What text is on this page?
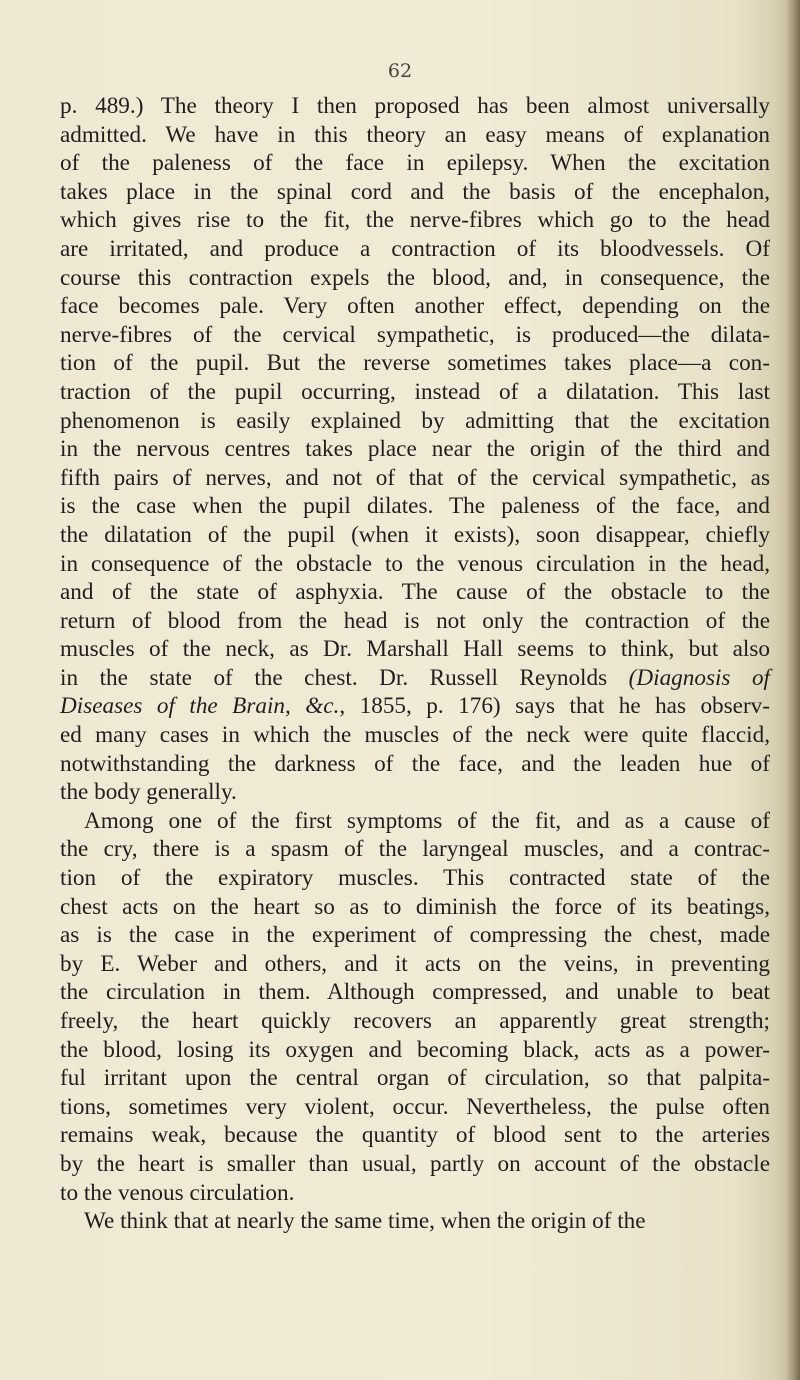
62
p. 489.) The theory I then proposed has been almost universally
admitted. We have in this theory an easy means of explanation
of the paleness of the face in epilepsy. When the excitation
takes place in the spinal cord and the basis of the encephalon,
which gives rise to the fit, the nerve-fibres which go to the head
are irritated, and produce a contraction of its bloodvessels. Of
course this contraction expels the blood, and, in consequence, the
face becomes pale. Very often another effect, depending on the
nerve-fibres of the cervical sympathetic, is produced—the dilata-
tion of the pupil. But the reverse sometimes takes place—a con-
traction of the pupil occurring, instead of a dilatation. This last
phenomenon is easily explained by admitting that the excitation
in the nervous centres takes place near the origin of the third and
fifth pairs of nerves, and not of that of the cervical sympathetic, as
is the case when the pupil dilates. The paleness of the face, and
the dilatation of the pupil (when it exists), soon disappear, chiefly
in consequence of the obstacle to the venous circulation in the head,
and of the state of asphyxia. The cause of the obstacle to the
return of blood from the head is not only the contraction of the
muscles of the neck, as Dr. Marshall Hall seems to think, but also
in the state of the chest. Dr. Russell Reynolds (Diagnosis of
Diseases of the Brain, &c., 1855, p. 176) says that he has observ-
ed many cases in which the muscles of the neck were quite flaccid,
notwithstanding the darkness of the face, and the leaden hue of
the body generally.
Among one of the first symptoms of the fit, and as a cause of
the cry, there is a spasm of the laryngeal muscles, and a contrac-
tion of the expiratory muscles. This contracted state of the
chest acts on the heart so as to diminish the force of its beatings,
as is the case in the experiment of compressing the chest, made
by E. Weber and others, and it acts on the veins, in preventing
the circulation in them. Although compressed, and unable to beat
freely, the heart quickly recovers an apparently great strength;
the blood, losing its oxygen and becoming black, acts as a power-
ful irritant upon the central organ of circulation, so that palpita-
tions, sometimes very violent, occur. Nevertheless, the pulse often
remains weak, because the quantity of blood sent to the arteries
by the heart is smaller than usual, partly on account of the obstacle
to the venous circulation.
We think that at nearly the same time, when the origin of the
